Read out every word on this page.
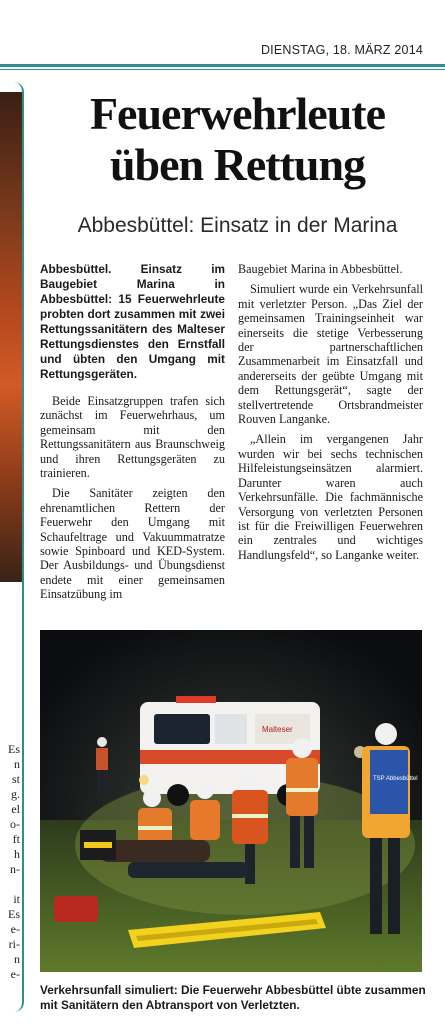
DIENSTAG, 18. MÄRZ 2014
Es
n
st
g.
el
o-
ft
h
n-

it
Es
e-
ri-
n
e-
Feuerwehrleute
üben Rettung
Abbesbüttel: Einsatz in der Marina

Abbesbüttel. Einsatz im Baugebiet Marina in Abbesbüttel: 15 Feuerwehrleute probten dort zusammen mit zwei Rettungssanitätern des Malteser Rettungsdienstes den Ernstfall und übten den Umgang mit Rettungsgeräten.

Beide Einsatzgruppen trafen sich zunächst im Feuerwehrhaus, um gemeinsam mit den Rettungssanitätern aus Braunschweig und ihren Rettungsgeräten zu trainieren.

Die Sanitäter zeigten den ehrenamtlichen Rettern der Feuerwehr den Umgang mit Schaufeltrage und Vakuummatratze sowie Spinboard und KED-System. Der Ausbildungs- und Übungsdienst endete mit einer gemeinsamen Einsatzübung im

Baugebiet Marina in Abbesbüttel.

Simuliert wurde ein Verkehrsunfall mit verletzter Person. „Das Ziel der gemeinsamen Trainingseinheit war einerseits die stetige Verbesserung der partnerschaftlichen Zusammenarbeit im Einsatzfall und andererseits der geübte Umgang mit dem Rettungsgerät“, sagte der stellvertretende Ortsbrandmeister Rouven Langanke.

„Allein im vergangenen Jahr wurden wir bei sechs technischen Hilfeleistungseinsätzen alarmiert. Darunter waren auch Verkehrsunfälle. Die fachmännische Versorgung von verletzten Personen ist für die Freiwilligen Feuerwehren ein zentrales und wichtiges Handlungsfeld“, so Langanke weiter.

Malteser
TSP Abbesbüttel

Verkehrsunfall simuliert: Die Feuerwehr Abbesbüttel übte zusammen mit Sanitätern den Abtransport von Verletzten.
